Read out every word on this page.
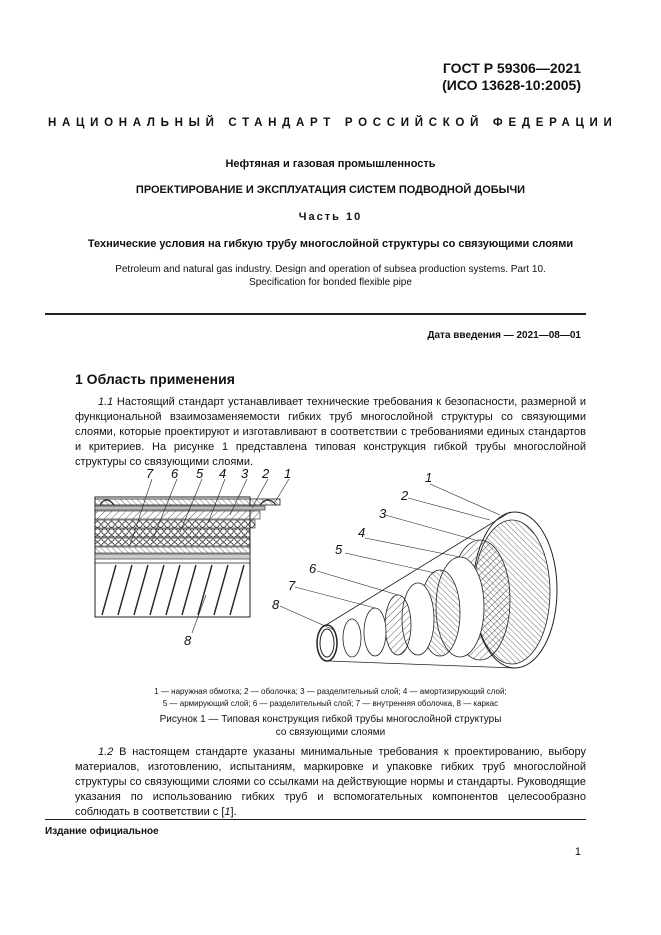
ГОСТ Р 59306—2021
(ИСО 13628-10:2005)
НАЦИОНАЛЬНЫЙ СТАНДАРТ РОССИЙСКОЙ ФЕДЕРАЦИИ
Нефтяная и газовая промышленность
ПРОЕКТИРОВАНИЕ И ЭКСПЛУАТАЦИЯ СИСТЕМ ПОДВОДНОЙ ДОБЫЧИ
Часть 10
Технические условия на гибкую трубу многослойной структуры со связующими слоями
Petroleum and natural gas industry. Design and operation of subsea production systems. Part 10.
Specification for bonded flexible pipe
Дата введения — 2021—08—01
1 Область применения

1.1 Настоящий стандарт устанавливает технические требования к безопасности, размерной и функциональной взаимозаменяемости гибких труб многослойной структуры со связующими слоями, которые проектируют и изготавливают в соответствии с требованиями единых стандартов и критериев. На рисунке 1 представлена типовая конструкция гибкой трубы многослойной структуры со связующими слоями.

7 6 5 4 3 2 1
8
1
2
3
4
5
6
7
8
1 — наружная обмотка; 2 — оболочка; 3 — разделительный слой; 4 — амортизирующий слой;
5 — армирующий слой; 6 — разделительный слой; 7 — внутренняя оболочка, 8 — каркас
Рисунок 1 — Типовая конструкция гибкой трубы многослойной структуры
со связующими слоями

1.2 В настоящем стандарте указаны минимальные требования к проектированию, выбору материалов, изготовлению, испытаниям, маркировке и упаковке гибких труб многослойной структуры со связующими слоями со ссылками на действующие нормы и стандарты. Руководящие указания по использованию гибких труб и вспомогательных компонентов целесообразно соблюдать в соответствии с [1].

Издание официальное
1
